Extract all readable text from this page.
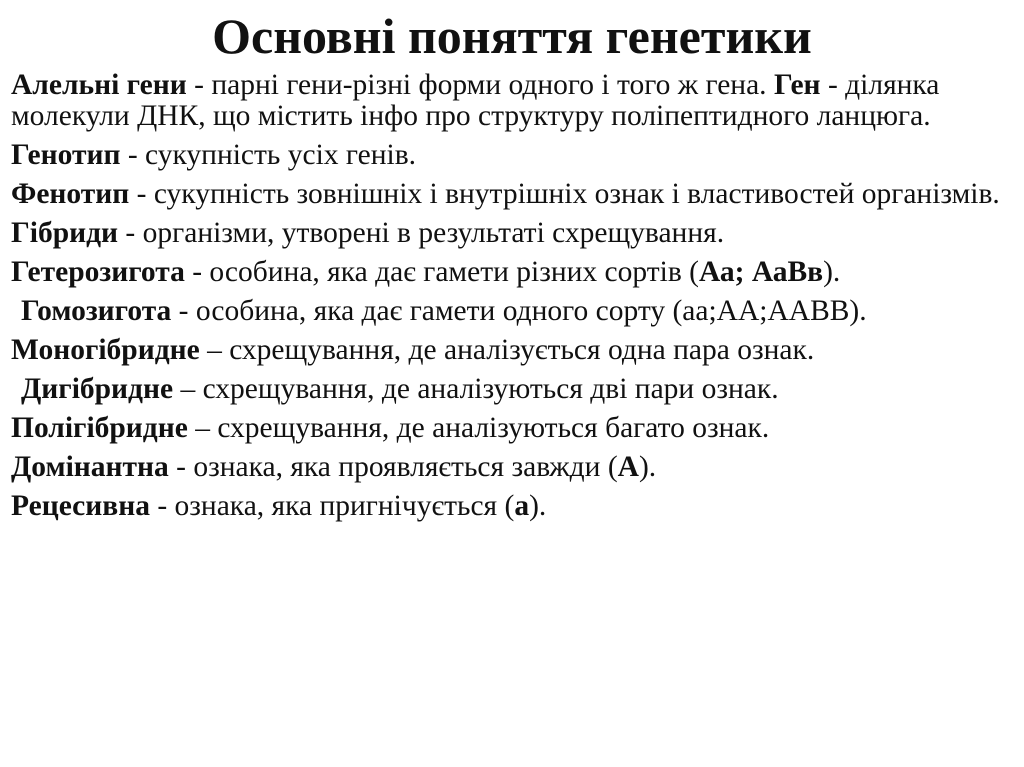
Основні поняття генетики

Алельні гени - парні гени-різні форми одного і того ж гена. Ген - ділянка молекули ДНК, що містить інфо про структуру поліпептидного ланцюга.

Генотип - сукупність усіх генів.

Фенотип - сукупність зовнішніх і внутрішніх ознак і властивостей організмів.

Гібриди - організми, утворені в результаті схрещування.

Гетерозигота - особина, яка дає гамети різних сортів (Аа; АаВв).

Гомозигота - особина, яка дає гамети одного сорту (аа;АА;ААВВ).

Моногібридне – схрещування, де аналізується одна пара ознак.

Дигібридне – схрещування, де аналізуються дві пари ознак.

Полігібридне – схрещування, де аналізуються багато ознак.

Домінантна - ознака, яка проявляється завжди (А).

Рецесивна - ознака, яка пригнічується (а).
